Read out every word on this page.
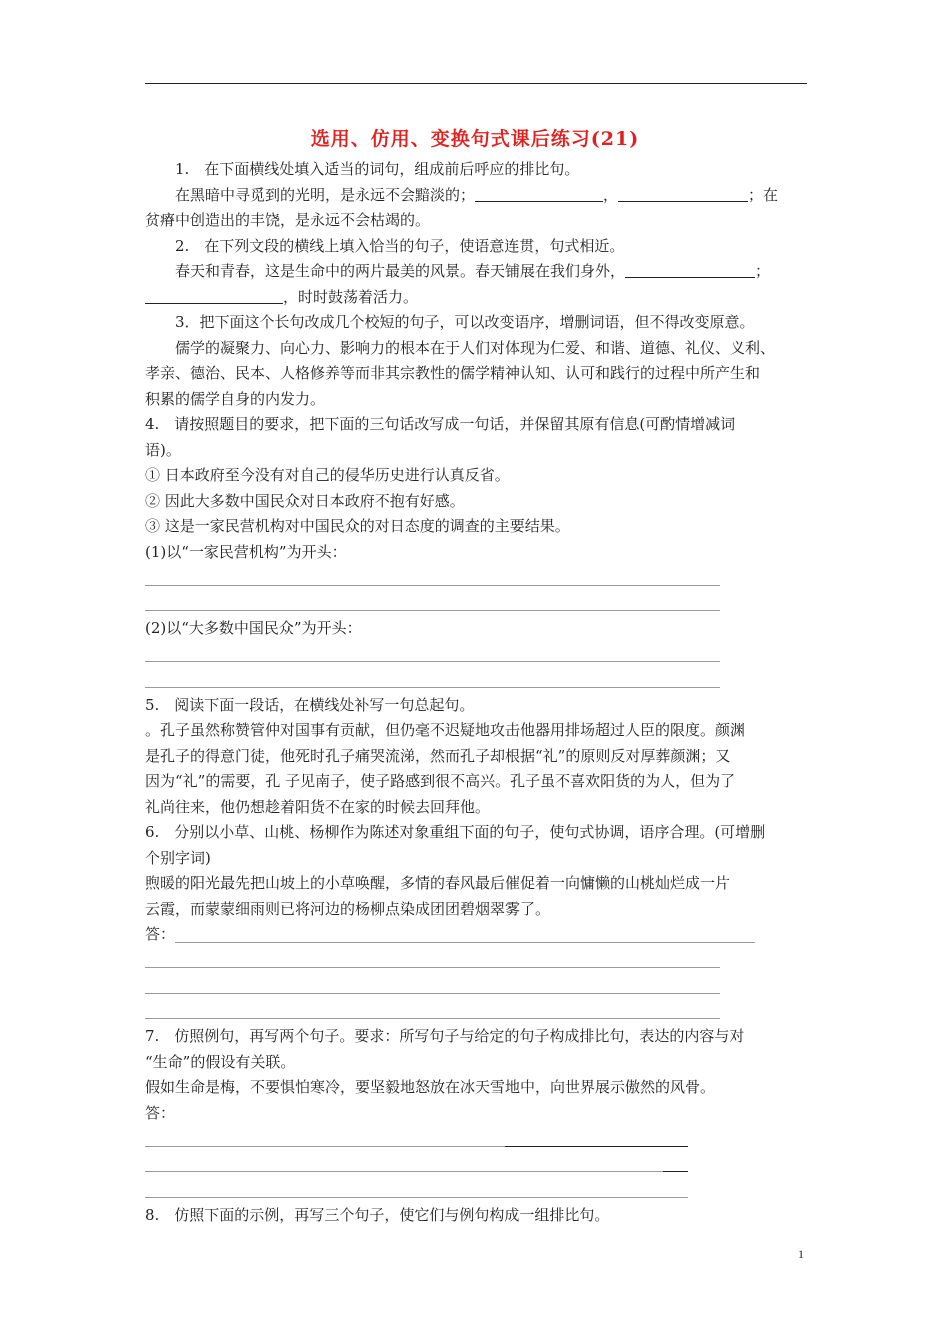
选用、仿用、变换句式课后练习(21)

1.　在下面横线处填入适当的词句，组成前后呼应的排比句。

在黑暗中寻觅到的光明，是永远不会黯淡的；	，	；在

贫瘠中创造出的丰饶，是永远不会枯竭的。

2.　在下列文段的横线上填入恰当的句子，使语意连贯，句式相近。

春天和青春，这是生命中的两片最美的风景。春天铺展在我们身外，	；

，时时鼓荡着活力。

3．把下面这个长句改成几个校短的句子，可以改变语序，增删词语，但不得改变原意。

儒学的凝聚力、向心力、影响力的根本在于人们对体现为仁爱、和谐、道德、礼仪、义利、

孝亲、德治、民本、人格修养等而非其宗教性的儒学精神认知、认可和践行的过程中所产生和

积累的儒学自身的内发力。

4.　请按照题目的要求，把下面的三句话改写成一句话，并保留其原有信息(可酌情增减词

语)。

① 日本政府至今没有对自己的侵华历史进行认真反省。

② 因此大多数中国民众对日本政府不抱有好感。

③ 这是一家民营机构对中国民众的对日态度的调查的主要结果。

(1)以“一家民营机构”为开头：

(2)以“大多数中国民众”为开头：

5.　阅读下面一段话，在横线处补写一句总起句。

。孔子虽然称赞管仲对国事有贡献，但仍毫不迟疑地攻击他器用排场超过人臣的限度。颜渊

是孔子的得意门徒，他死时孔子痛哭流涕，然而孔子却根据“礼”的原则反对厚葬颜渊；又

因为“礼”的需要，孔 子见南子，使子路感到很不高兴。孔子虽不喜欢阳货的为人，但为了

礼尚往来，他仍想趁着阳货不在家的时候去回拜他。

6.　分别以小草、山桃、杨柳作为陈述对象重组下面的句子，使句式协调，语序合理。(可增删

个别字词)

煦暖的阳光最先把山坡上的小草唤醒，多情的春风最后催促着一向慵懒的山桃灿烂成一片

云霞，而蒙蒙细雨则已将河边的杨柳点染成团团碧烟翠雾了。

答：

7.　仿照例句，再写两个句子。要求：所写句子与给定的句子构成排比句，表达的内容与对

“生命”的假设有关联。

假如生命是梅，不要惧怕寒冷，要坚毅地怒放在冰天雪地中，向世界展示傲然的风骨。

答：

8.　仿照下面的示例，再写三个句子，使它们与例句构成一组排比句。

1
